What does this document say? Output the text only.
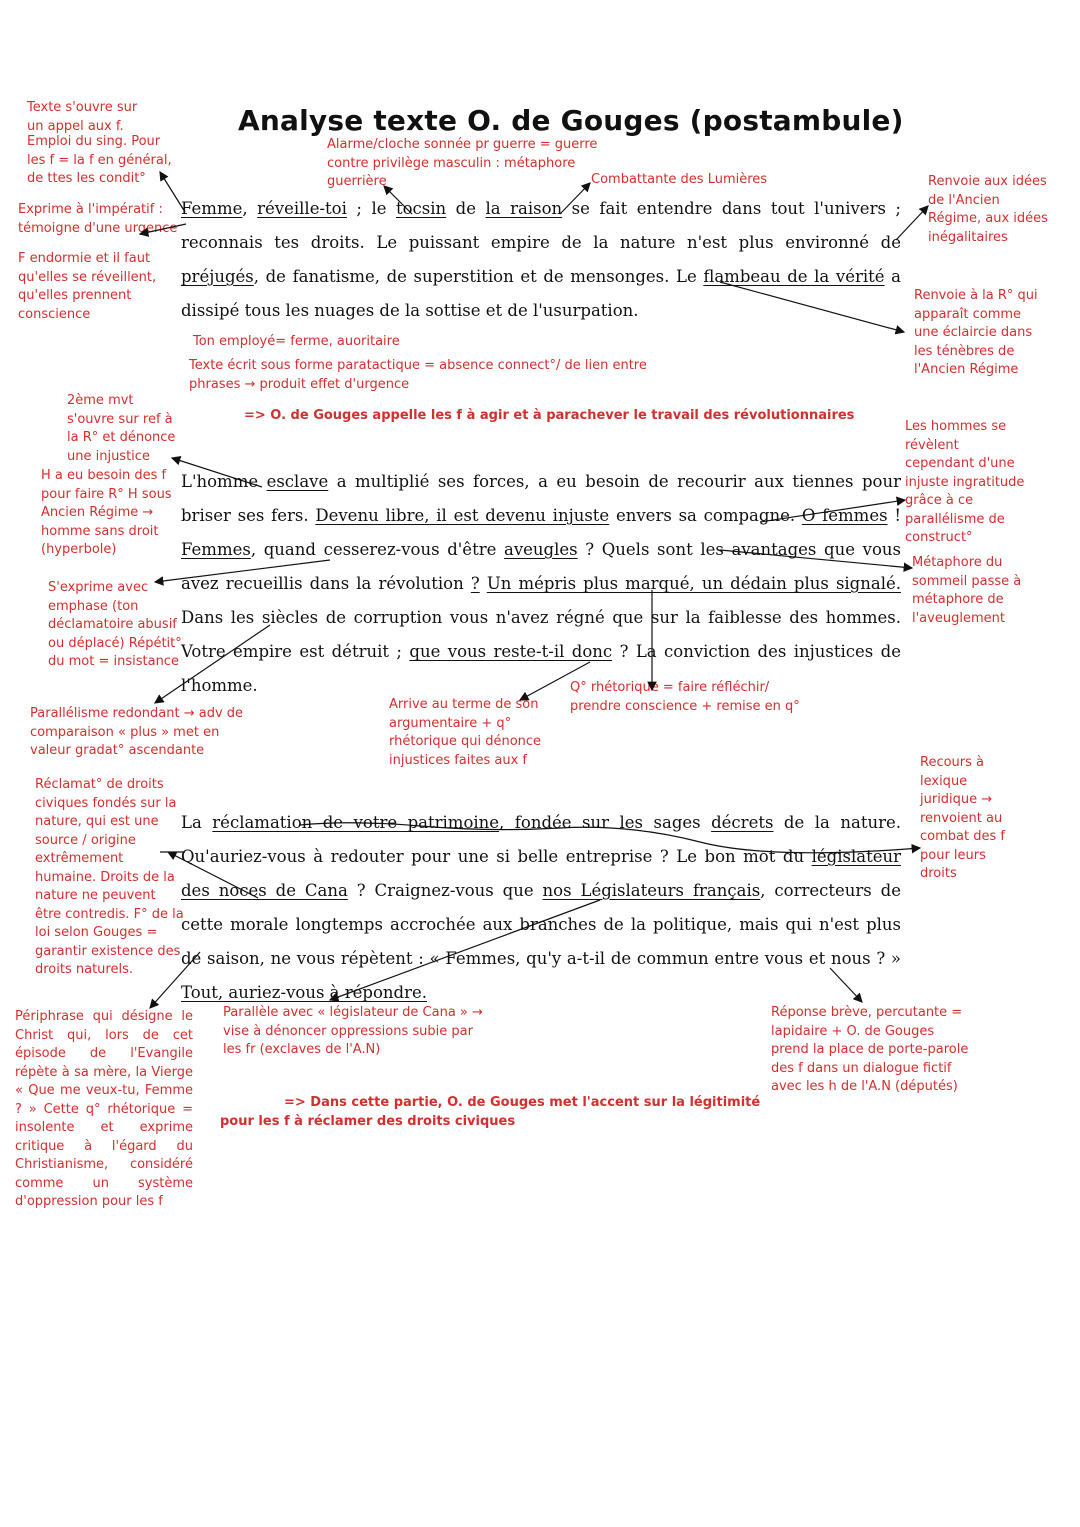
Analyse texte O. de Gouges (postambule)
Femme, réveille-toi ; le tocsin de la raison se fait entendre dans tout l'univers ; reconnais tes droits. Le puissant empire de la nature n'est plus environné de préjugés, de fanatisme, de superstition et de mensonges. Le flambeau de la vérité a dissipé tous les nuages de la sottise et de l'usurpation.
L'homme esclave a multiplié ses forces, a eu besoin de recourir aux tiennes pour briser ses fers. Devenu libre, il est devenu injuste envers sa compagne. O femmes ! Femmes, quand cesserez-vous d'être aveugles ? Quels sont les avantages que vous avez recueillis dans la révolution ? Un mépris plus marqué, un dédain plus signalé. Dans les siècles de corruption vous n'avez régné que sur la faiblesse des hommes. Votre empire est détruit ; que vous reste-t-il donc ? La conviction des injustices de l'homme.
La réclamation de votre patrimoine, fondée sur les sages décrets de la nature. Qu'auriez-vous à redouter pour une si belle entreprise ? Le bon mot du législateur des noces de Cana ? Craignez-vous que nos Législateurs français, correcteurs de cette morale longtemps accrochée aux branches de la politique, mais qui n'est plus de saison, ne vous répètent : « Femmes, qu'y a-t-il de commun entre vous et nous ? » Tout, auriez-vous à répondre.
Texte s'ouvre sur un appel aux f.
Emploi du sing. Pour les f = la f en général, de ttes les condit°
Alarme/cloche sonnée pr guerre = guerre contre privilège masculin : métaphore guerrière	Combattante des Lumières	Renvoie aux idées de l'Ancien Régime, aux idées inégalitaires
Exprime à l'impératif : témoigne d'une urgence
F endormie et il faut qu'elles se réveillent, qu'elles prennent conscience
Renvoie à la R° qui apparaît comme une éclaircie dans les ténèbres de l'Ancien Régime
Ton employé= ferme, auoritaire
Texte écrit sous forme paratactique = absence connect°/ de lien entre phrases → produit effet d'urgence
=> O. de Gouges appelle les f à agir et à parachever le travail des révolutionnaires
2ème mvt s'ouvre sur ref à la R° et dénonce une injustice
Les hommes se révèlent cependant d'une injuste ingratitude grâce à ce parallélisme de construct°
H a eu besoin des f pour faire R° H sous Ancien Régime → homme sans droit (hyperbole)
Métaphore du sommeil passe à métaphore de l'aveuglement
S'exprime avec emphase (ton déclamatoire abusif ou déplacé) Répétit° du mot = insistance
Parallélisme redondant → adv de comparaison « plus » met en valeur gradat° ascendante
Arrive au terme de son argumentaire + q° rhétorique qui dénonce injustices faites aux f
Q° rhétorique = faire réfléchir/ prendre conscience + remise en q°
Recours à lexique juridique → renvoient au combat des f pour leurs droits
Réclamat° de droits civiques fondés sur la nature, qui est une source / origine extrêmement humaine. Droits de la nature ne peuvent être contredis. F° de la loi selon Gouges = garantir existence des droits naturels.
Périphrase qui désigne le Christ qui, lors de cet épisode de l'Evangile répète à sa mère, la Vierge « Que me veux-tu, Femme ? » Cette q° rhétorique = insolente et exprime critique à l'égard du Christianisme, considéré comme un système d'oppression pour les f
Parallèle avec « législateur de Cana » → vise à dénoncer oppressions subie par les fr (exclaves de l'A.N)
Réponse brève, percutante = lapidaire + O. de Gouges prend la place de porte-parole des f dans un dialogue fictif avec les h de l'A.N (députés)
=> Dans cette partie, O. de Gouges met l'accent sur la légitimité pour les f à réclamer des droits civiques
